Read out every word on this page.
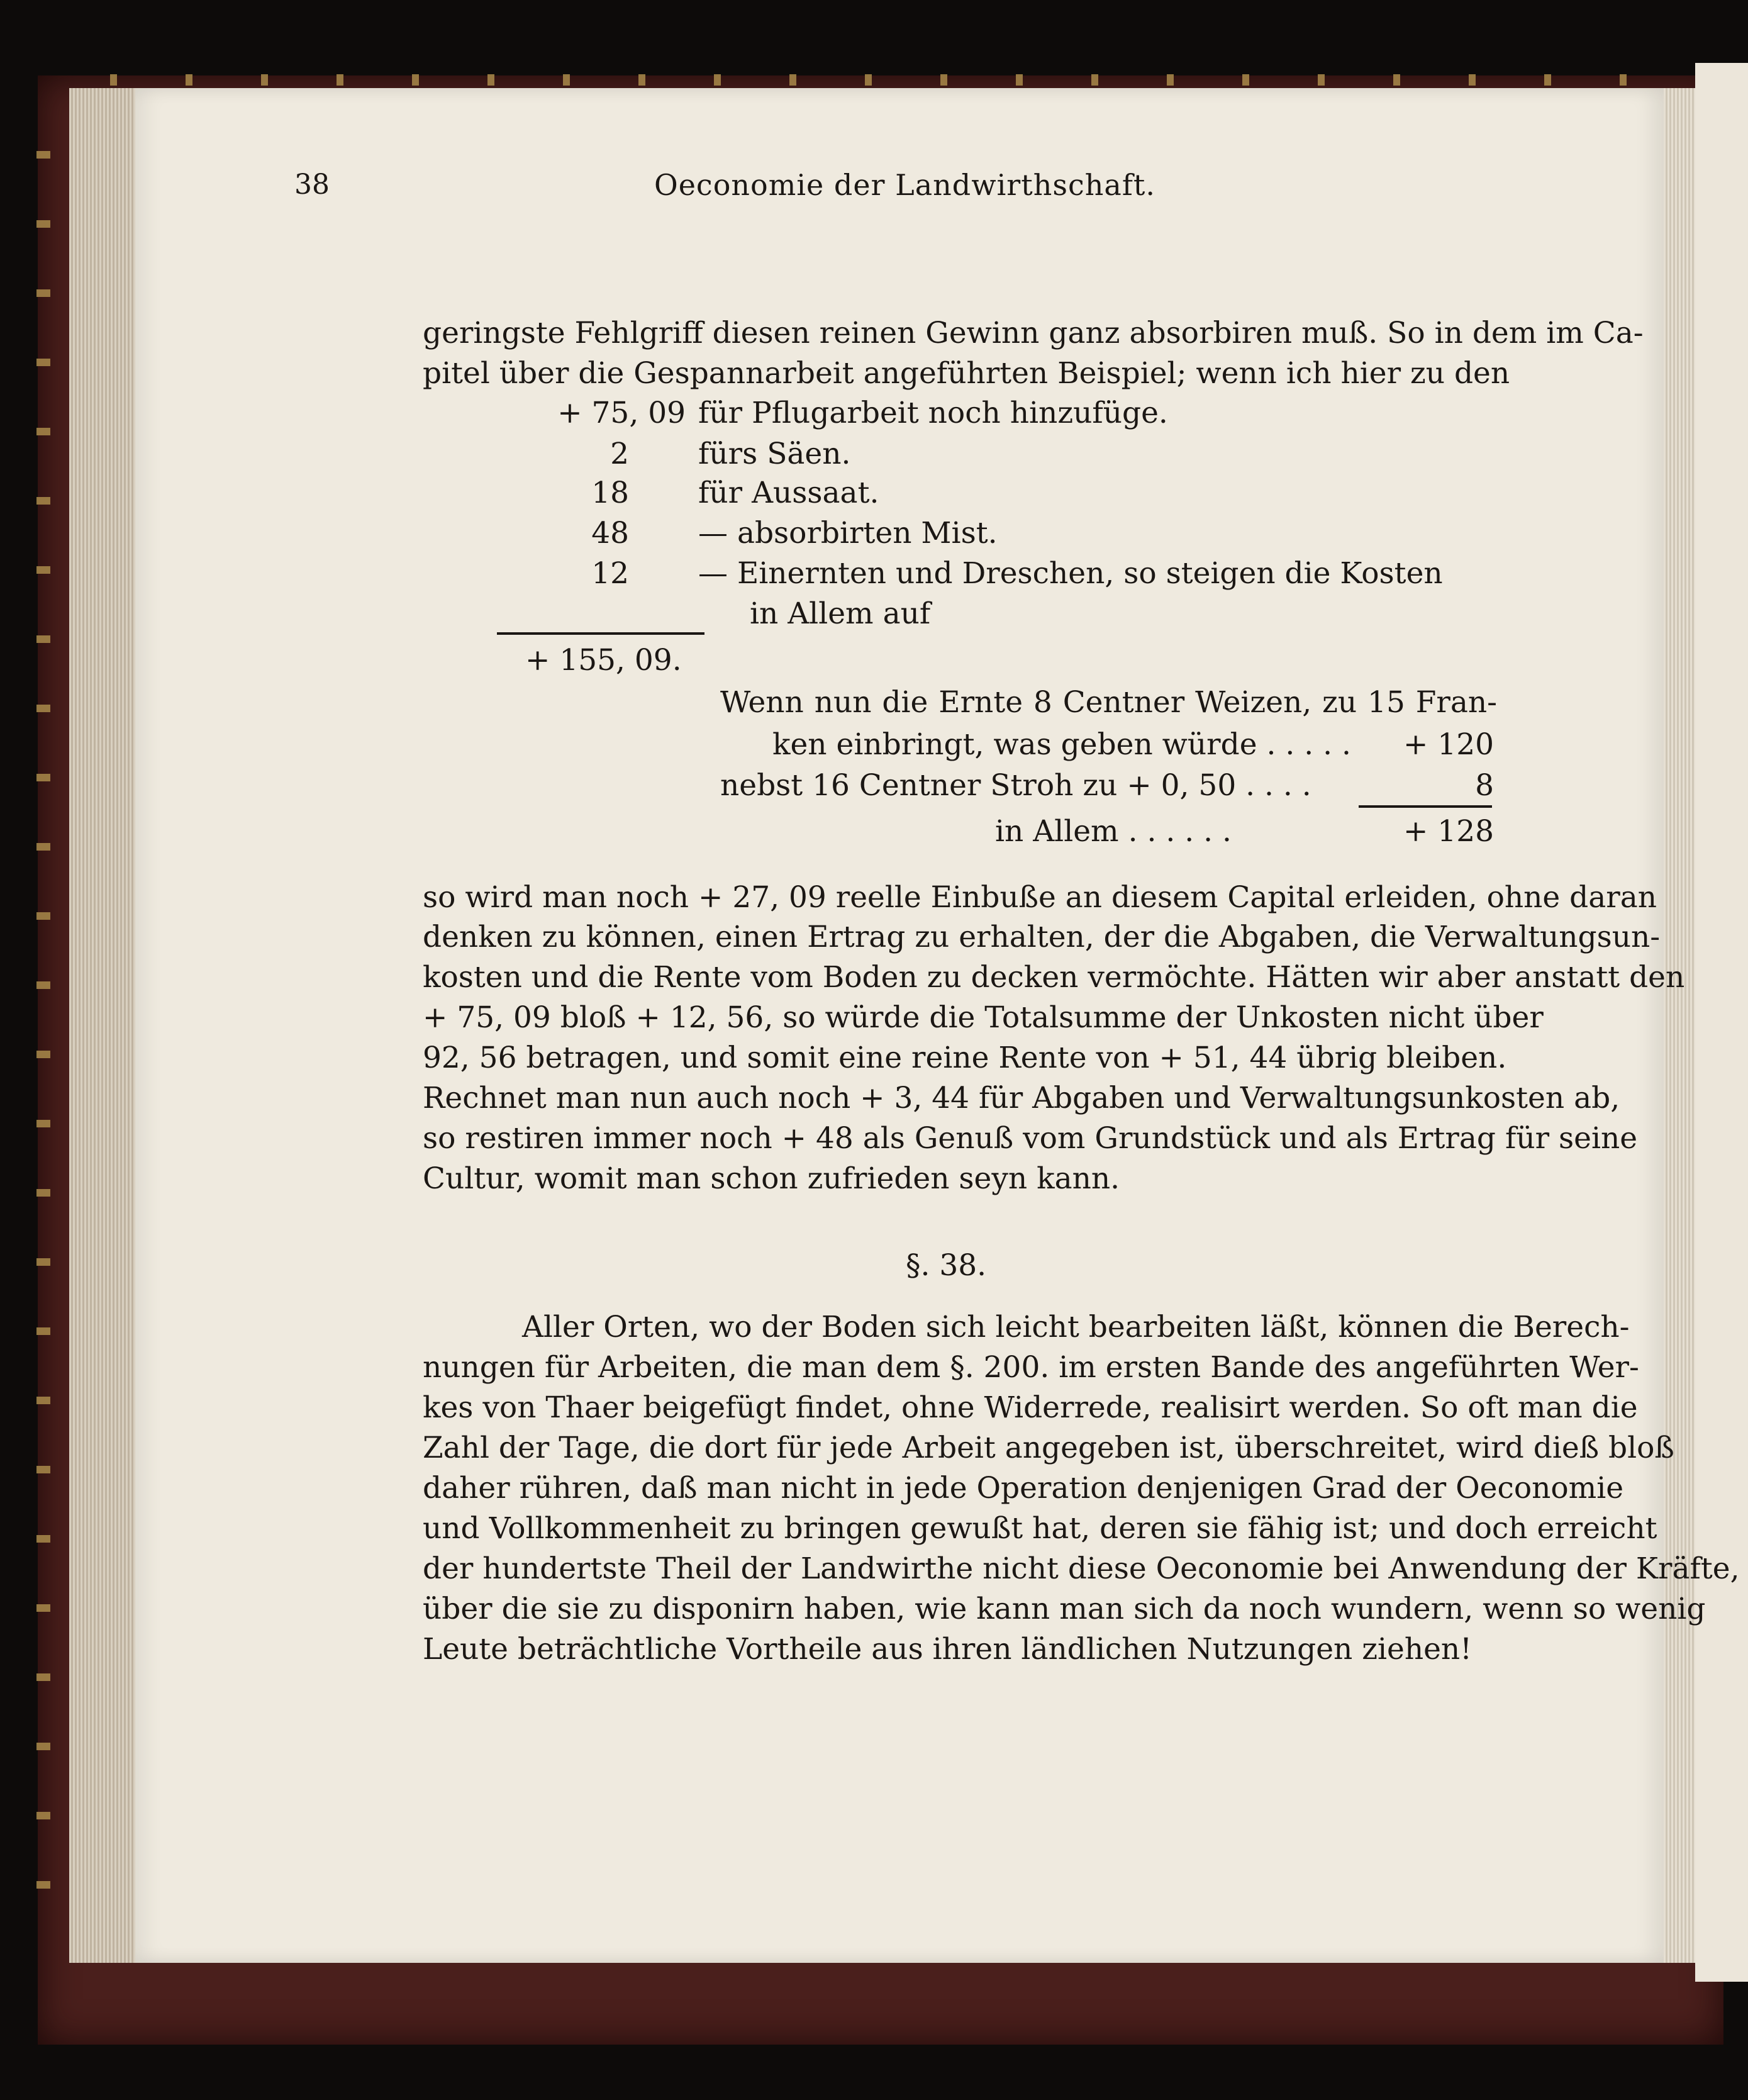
38	Oeconomie der Landwirthschaft.
geringste Fehlgriff diesen reinen Gewinn ganz absorbiren muß. So in dem im Ca-
pitel über die Gespannarbeit angeführten Beispiel; wenn ich hier zu den
+ 75, 09 für Pflugarbeit noch hinzufüge.
2 fürs Säen.
18 für Aussaat.
48 — absorbirten Mist.
12 — Einernten und Dreschen, so steigen die Kosten
in Allem auf
+ 155, 09.
Wenn nun die Ernte 8 Centner Weizen, zu 15 Fran-
ken einbringt, was geben würde . . . . .	+ 120
nebst 16 Centner Stroh zu + 0, 50 . . . .	8
in Allem . . . . . .	+ 128
so wird man noch + 27, 09 reelle Einbuße an diesem Capital erleiden, ohne daran
denken zu können, einen Ertrag zu erhalten, der die Abgaben, die Verwaltungsun-
kosten und die Rente vom Boden zu decken vermöchte. Hätten wir aber anstatt den
+ 75, 09 bloß + 12, 56, so würde die Totalsumme der Unkosten nicht über
92, 56 betragen, und somit eine reine Rente von + 51, 44 übrig bleiben.
Rechnet man nun auch noch + 3, 44 für Abgaben und Verwaltungsunkosten ab,
so restiren immer noch + 48 als Genuß vom Grundstück und als Ertrag für seine
Cultur, womit man schon zufrieden seyn kann.
§. 38.
Aller Orten, wo der Boden sich leicht bearbeiten läßt, können die Berech-
nungen für Arbeiten, die man dem §. 200. im ersten Bande des angeführten Wer-
kes von Thaer beigefügt findet, ohne Widerrede, realisirt werden. So oft man die
Zahl der Tage, die dort für jede Arbeit angegeben ist, überschreitet, wird dieß bloß
daher rühren, daß man nicht in jede Operation denjenigen Grad der Oeconomie
und Vollkommenheit zu bringen gewußt hat, deren sie fähig ist; und doch erreicht
der hundertste Theil der Landwirthe nicht diese Oeconomie bei Anwendung der Kräfte,
über die sie zu disponirn haben, wie kann man sich da noch wundern, wenn so wenig
Leute beträchtliche Vortheile aus ihren ländlichen Nutzungen ziehen!
